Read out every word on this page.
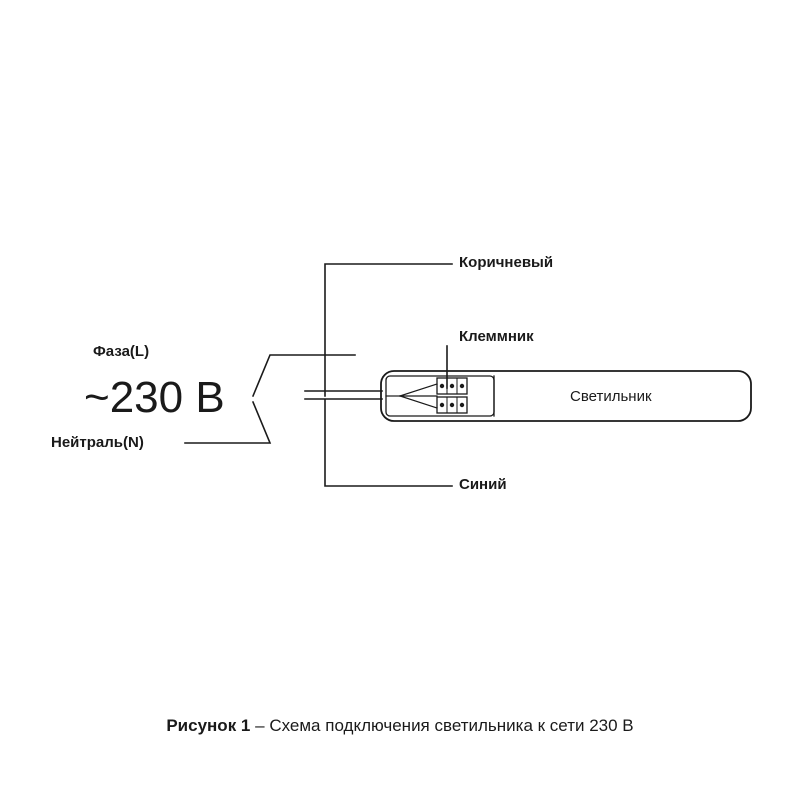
Коричневый
Клеммник
Синий
Фаза(L)
Нейтраль(N)
~230 В	Светильник
Рисунок 1 – Схема подключения светильника к сети 230 В
